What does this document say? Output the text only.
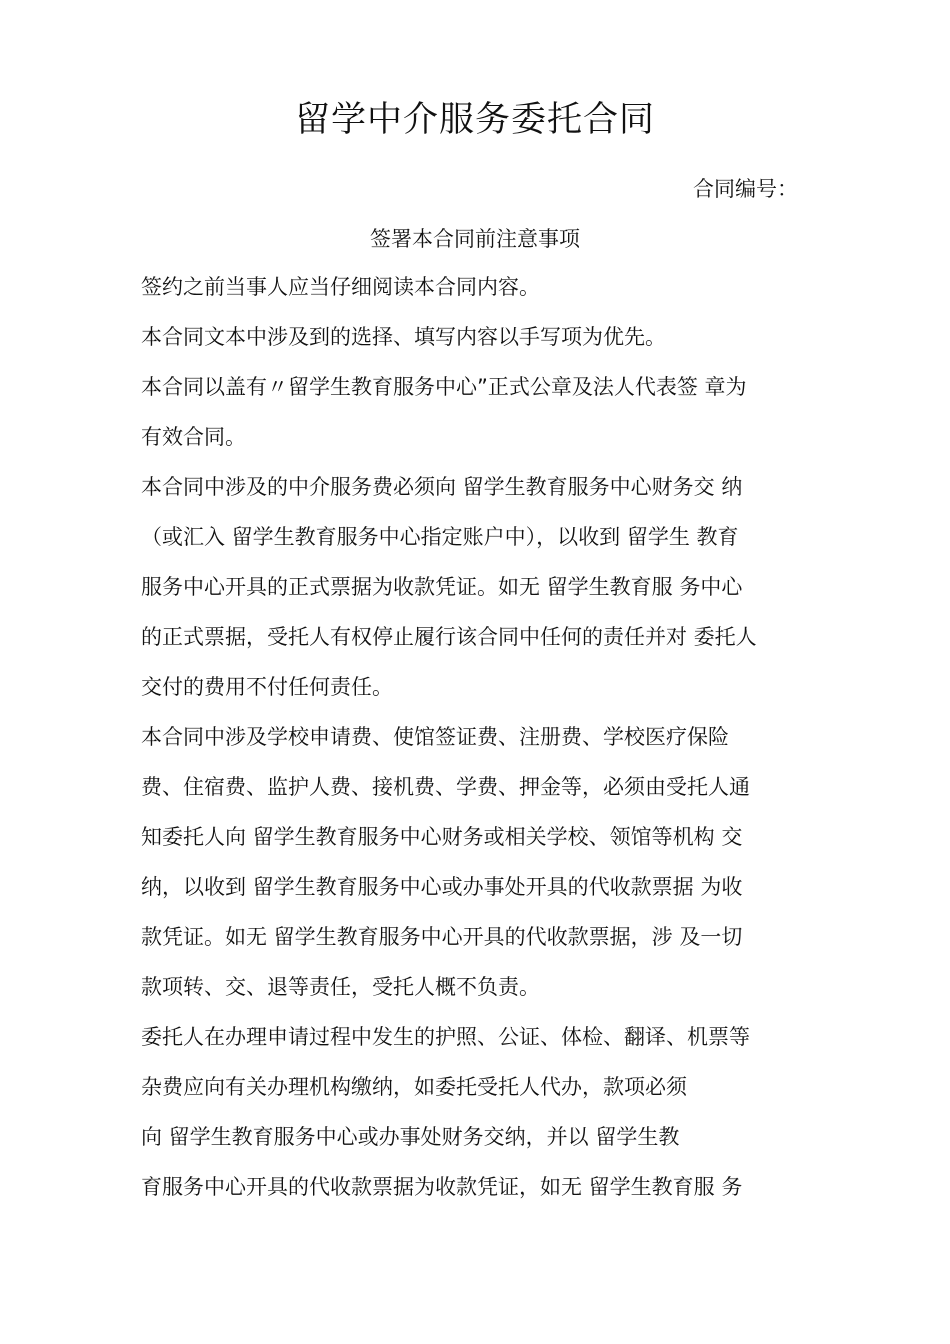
留学中介服务委托合同

合同编号：

签署本合同前注意事项

签约之前当事人应当仔细阅读本合同内容。
本合同文本中涉及到的选择、填写内容以手写项为优先。
本合同以盖有〃留学生教育服务中心”正式公章及法人代表签 章为
有效合同。
本合同中涉及的中介服务费必须向 留学生教育服务中心财务交 纳
（或汇入 留学生教育服务中心指定账户中），以收到 留学生 教育
服务中心开具的正式票据为收款凭证。如无 留学生教育服 务中心
的正式票据，受托人有权停止履行该合同中任何的责任并对 委托人
交付的费用不付任何责任。
本合同中涉及学校申请费、使馆签证费、注册费、学校医疗保险
费、住宿费、监护人费、接机费、学费、押金等，必须由受托人通
知委托人向 留学生教育服务中心财务或相关学校、领馆等机构 交
纳，以收到 留学生教育服务中心或办事处开具的代收款票据 为收
款凭证。如无 留学生教育服务中心开具的代收款票据，涉 及一切
款项转、交、退等责任，受托人概不负责。
委托人在办理申请过程中发生的护照、公证、体检、翻译、机票等
杂费应向有关办理机构缴纳，如委托受托人代办，款项必须
向 留学生教育服务中心或办事处财务交纳，并以 留学生教
育服务中心开具的代收款票据为收款凭证，如无 留学生教育服 务
